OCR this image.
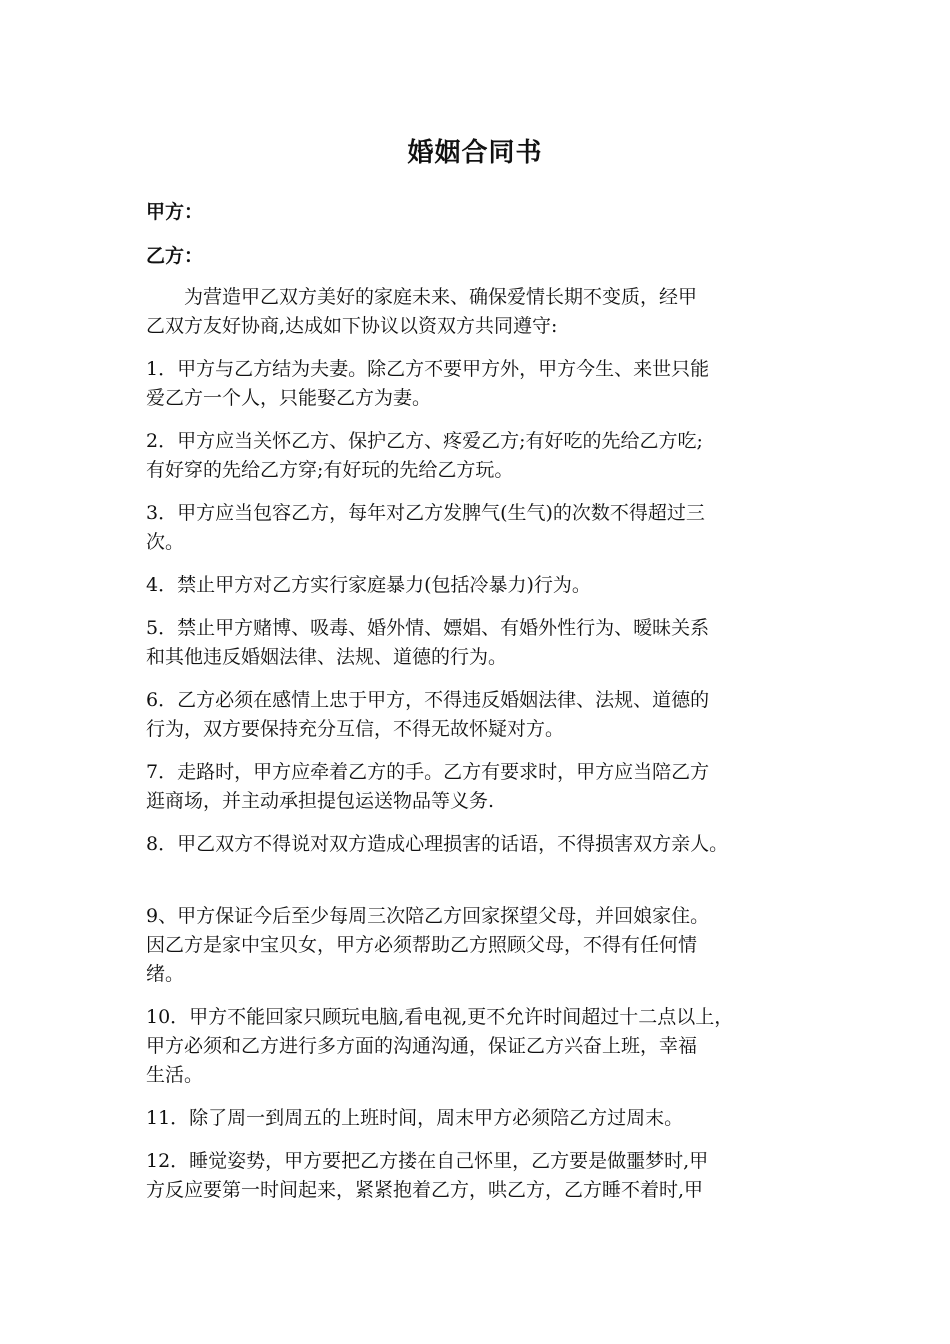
婚姻合同书
甲方：
乙方：

为营造甲乙双方美好的家庭未来、确保爱情长期不变质，经甲
乙双方友好协商,达成如下协议以资双方共同遵守:

1．甲方与乙方结为夫妻。除乙方不要甲方外，甲方今生、来世只能
爱乙方一个人，只能娶乙方为妻。

2．甲方应当关怀乙方、保护乙方、疼爱乙方;有好吃的先给乙方吃;
有好穿的先给乙方穿;有好玩的先给乙方玩。

3．甲方应当包容乙方，每年对乙方发脾气(生气)的次数不得超过三
次。

4．禁止甲方对乙方实行家庭暴力(包括冷暴力)行为。

5．禁止甲方赌博、吸毒、婚外情、嫖娼、有婚外性行为、暧昧关系
和其他违反婚姻法律、法规、道德的行为。

6．乙方必须在感情上忠于甲方，不得违反婚姻法律、法规、道德的
行为，双方要保持充分互信，不得无故怀疑对方。

7．走路时，甲方应牵着乙方的手。乙方有要求时，甲方应当陪乙方
逛商场，并主动承担提包运送物品等义务.

8．甲乙双方不得说对双方造成心理损害的话语，不得损害双方亲人。

9、甲方保证今后至少每周三次陪乙方回家探望父母，并回娘家住。
因乙方是家中宝贝女，甲方必须帮助乙方照顾父母，不得有任何情
绪。

10．甲方不能回家只顾玩电脑,看电视,更不允许时间超过十二点以上，
甲方必须和乙方进行多方面的沟通沟通，保证乙方兴奋上班，幸福
生活。

11．除了周一到周五的上班时间，周末甲方必须陪乙方过周末。

12．睡觉姿势，甲方要把乙方搂在自己怀里，乙方要是做噩梦时,甲
方反应要第一时间起来，紧紧抱着乙方，哄乙方，乙方睡不着时,甲
